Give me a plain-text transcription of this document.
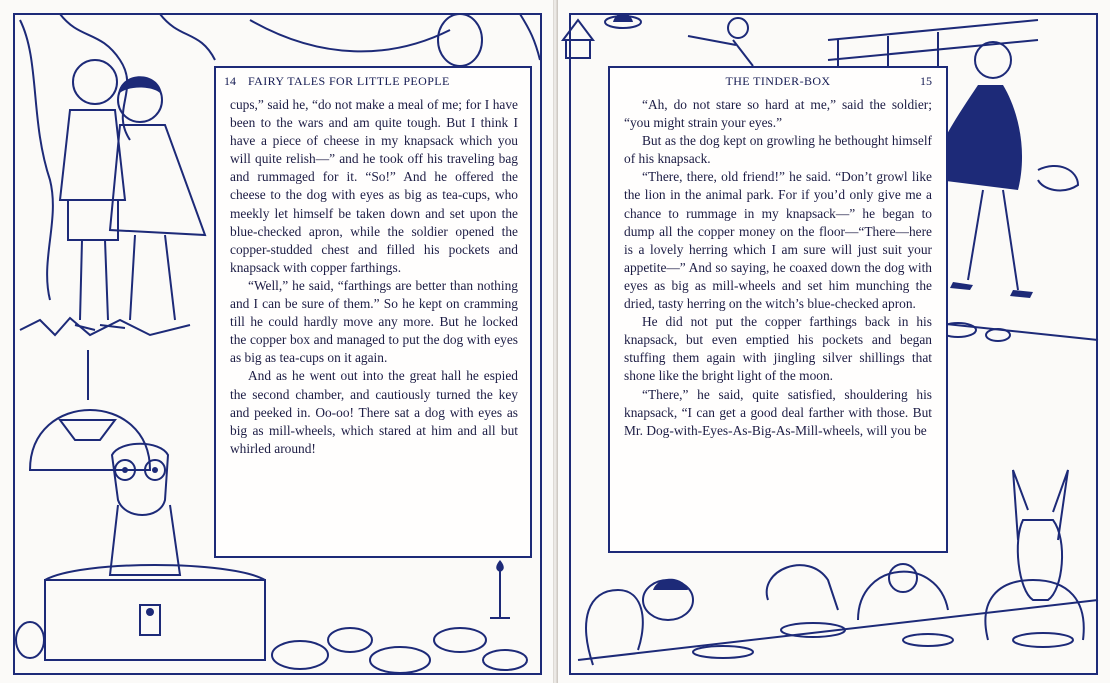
14 FAIRY TALES FOR LITTLE PEOPLE

cups,” said he, “do not make a meal of me; for I have been to the wars and am quite tough. But I think I have a piece of cheese in my knapsack which you will quite relish—” and he took off his traveling bag and rummaged for it. “So!” And he offered the cheese to the dog with eyes as big as tea-cups, who meekly let himself be taken down and set upon the blue-checked apron, while the soldier opened the copper-studded chest and filled his pockets and knapsack with copper farthings.

“Well,” he said, “farthings are better than nothing and I can be sure of them.” So he kept on cramming till he could hardly move any more. But he locked the copper box and managed to put the dog with eyes as big as tea-cups on it again.

And as he went out into the great hall he espied the second chamber, and cautiously turned the key and peeked in. Oo-oo! There sat a dog with eyes as big as mill-wheels, which stared at him and all but whirled around!

THE TINDER-BOX	15

“Ah, do not stare so hard at me,” said the soldier; “you might strain your eyes.”

But as the dog kept on growling he bethought himself of his knapsack.

“There, there, old friend!” he said. “Don’t growl like the lion in the animal park. For if you’d only give me a chance to rummage in my knapsack—” he began to dump all the copper money on the floor—“There—here is a lovely herring which I am sure will just suit your appetite—” And so saying, he coaxed down the dog with eyes as big as mill-wheels and set him munching the dried, tasty herring on the witch’s blue-checked apron.

He did not put the copper farthings back in his knapsack, but even emptied his pockets and began stuffing them again with jingling silver shillings that shone like the bright light of the moon.

“There,” he said, quite satisfied, shouldering his knapsack, “I can get a good deal farther with those. But Mr. Dog-with-Eyes-As-Big-As-Mill-wheels, will you be
